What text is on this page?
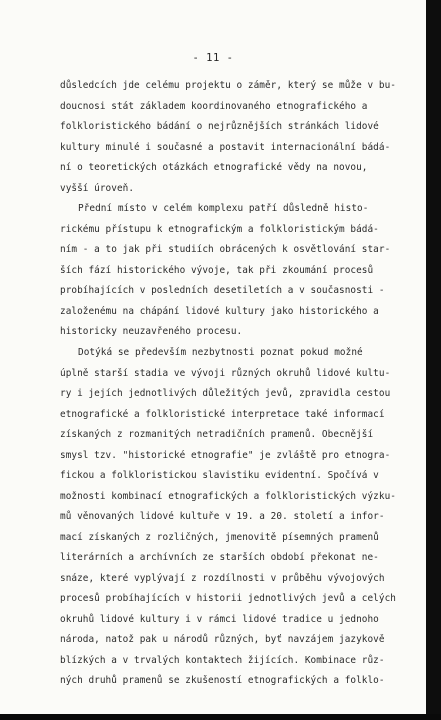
- 11 -
důsledcích jde celému projektu o záměr, který se může v bu-
doucnosi stát základem koordinovaného etnografického a
folkloristického bádání o nejrůznějších stránkách lidové
kultury minulé i současné a postavit internacionální bádá-
ní o teoretických otázkách etnografické vědy na novou,
vyšší úroveň.
Přední místo v celém komplexu patří důsledně histo-
rickému přístupu k etnografickým a folkloristickým bádá-
ním - a to jak při studiích obrácených k osvětlování star-
ších fází historického vývoje, tak při zkoumání procesů
probíhajících v posledních desetiletích a v současnosti -
založenému na chápání lidové kultury jako historického a
historicky neuzavřeného procesu.
Dotýká se především nezbytnosti poznat pokud možné
úplně starší stadia ve vývoji různých okruhů lidové kultu-
ry i jejích jednotlivých důležitých jevů, zpravidla cestou
etnografické a folkloristické interpretace také informací
získaných z rozmanitých netradičních pramenů. Obecnější
smysl tzv. "historické etnografie" je zvláště pro etnogra-
fickou a folkloristickou slavistiku evidentní. Spočívá v
možnosti kombinací etnografických a folkloristických výzku-
mů věnovaných lidové kultuře v 19. a 20. století a infor-
mací získaných z rozličných, jmenovitě písemných pramenů
literárních a archívních ze starších období překonat ne-
snáze, které vyplývají z rozdílnosti v průběhu vývojových
procesů probíhajících v historii jednotlivých jevů a celých
okruhů lidové kultury i v rámci lidové tradice u jednoho
národa, natož pak u národů různých, byť navzájem jazykově
blízkých a v trvalých kontaktech žijících. Kombinace růz-
ných druhů pramenů se zkušeností etnografických a folklo-
